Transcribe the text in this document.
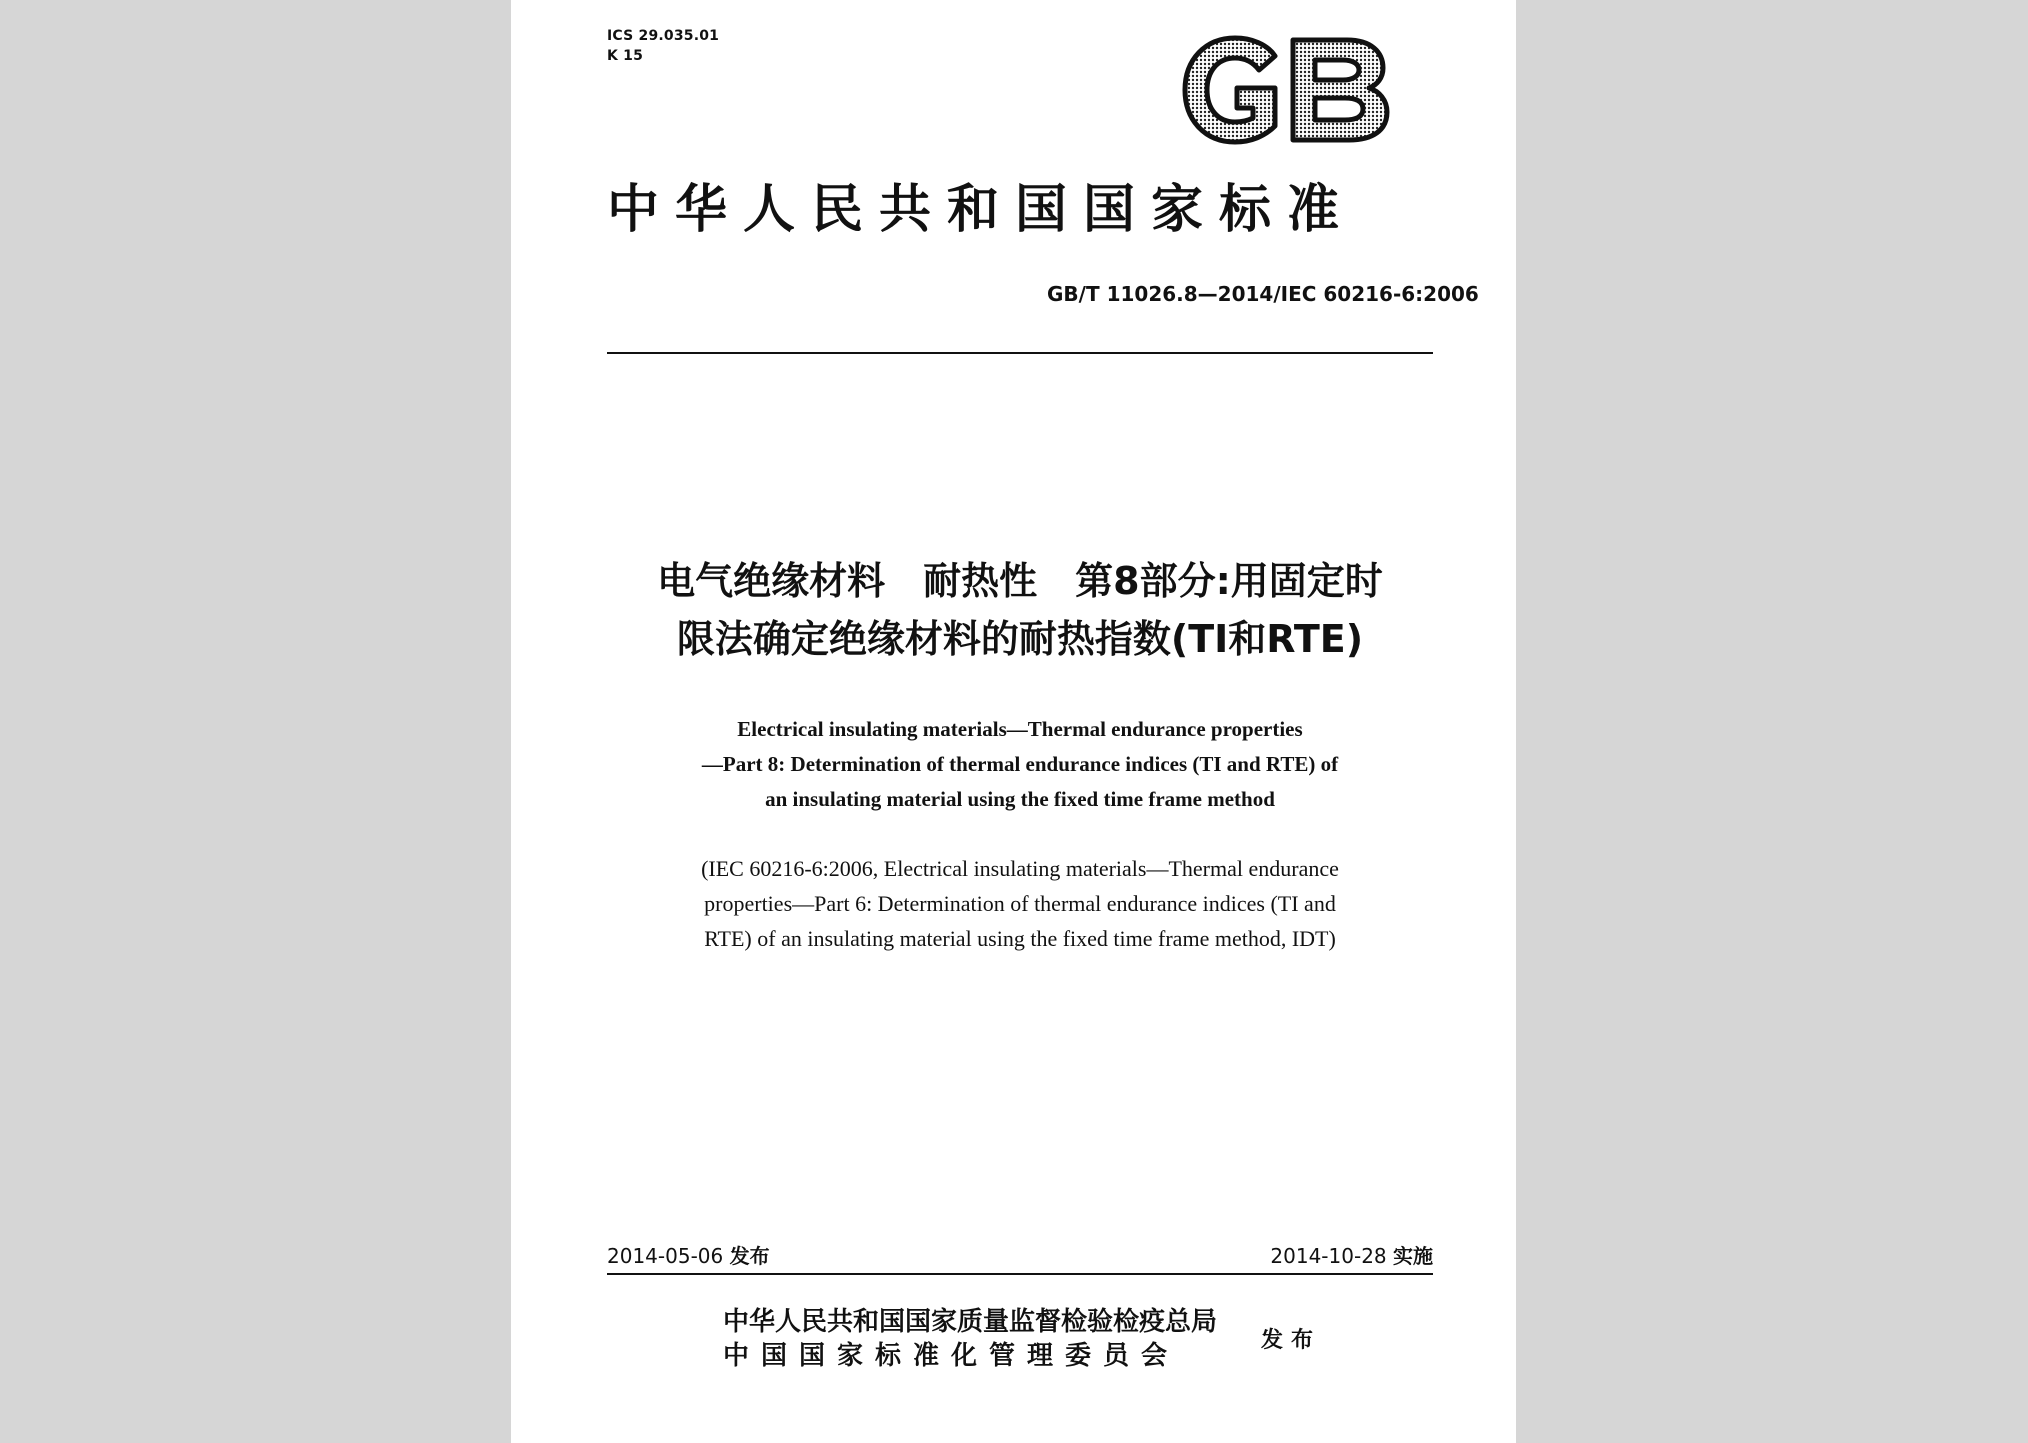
ICS 29.035.01
K 15
中华人民共和国国家标准
GB/T 11026.8—2014/IEC 60216-6:2006
电气绝缘材料　耐热性　第8部分:用固定时
限法确定绝缘材料的耐热指数(TI和RTE)
Electrical insulating materials—Thermal endurance properties
—Part 8: Determination of thermal endurance indices (TI and RTE) of
an insulating material using the fixed time frame method
(IEC 60216-6:2006, Electrical insulating materials—Thermal endurance
properties—Part 6: Determination of thermal endurance indices (TI and
RTE) of an insulating material using the fixed time frame method, IDT)
2014-05-06 发布	2014-10-28 实施
中华人民共和国国家质量监督检验检疫总局
中国国家标准化管理委员会
发布
